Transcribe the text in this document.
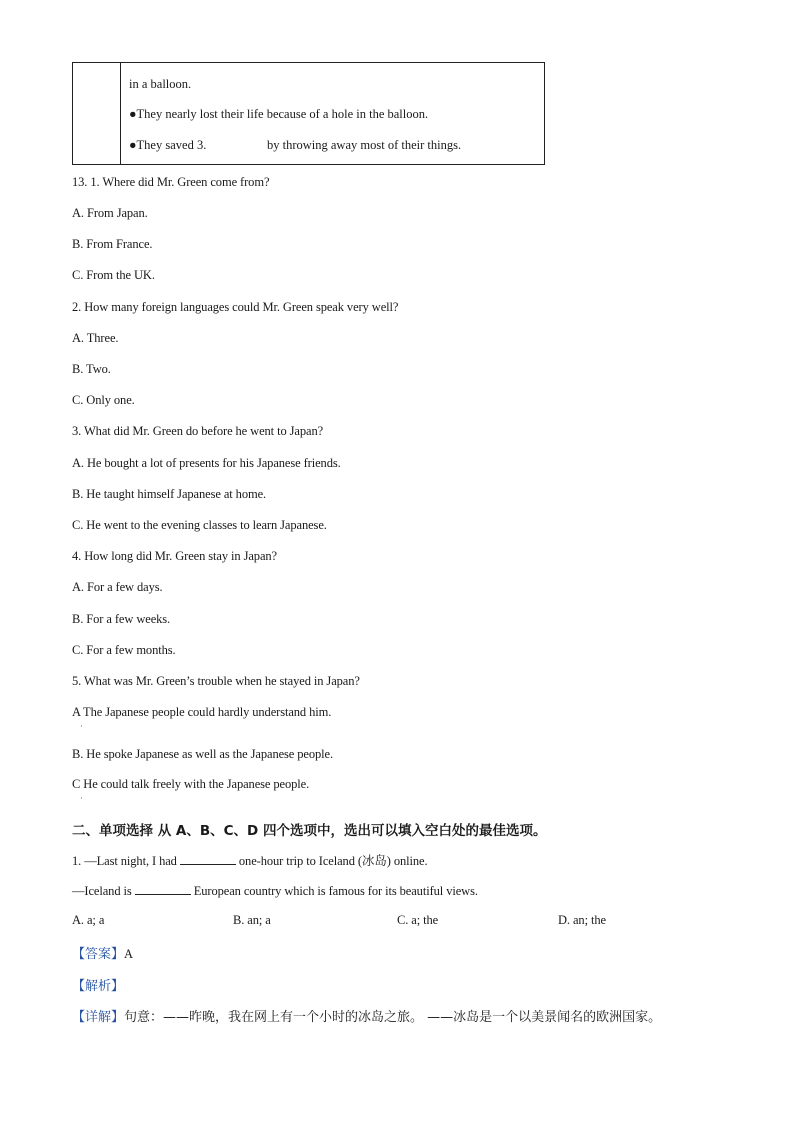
in a balloon.
●They nearly lost their life because of a hole in the balloon.
●They saved 3.	by throwing away most of their things.
13. 1. Where did Mr. Green come from?
A. From Japan.
B. From France.
C. From the UK.
2. How many foreign languages could Mr. Green speak very well?
A. Three.
B. Two.
C. Only one.
3. What did Mr. Green do before he went to Japan?
A. He bought a lot of presents for his Japanese friends.
B. He taught himself Japanese at home.
C. He went to the evening classes to learn Japanese.
4. How long did Mr. Green stay in Japan?
A. For a few days.
B. For a few weeks.
C. For a few months.
5. What was Mr. Green’s trouble when he stayed in Japan?
A The Japanese people could hardly understand him.
·
B. He spoke Japanese as well as the Japanese people.
C He could talk freely with the Japanese people.
·
二、单项选择 从 A、B、C、D 四个选项中，选出可以填入空白处的最佳选项。
1. —Last night, I had	one-hour trip to Iceland (冰岛) online.
—Iceland is	European country which is famous for its beautiful views.
A. a; a	B. an; a	C. a; the	D. an; the
【答案】A
【解析】
【详解】句意：——昨晚，我在网上有一个小时的冰岛之旅。 ——冰岛是一个以美景闻名的欧洲国家。
